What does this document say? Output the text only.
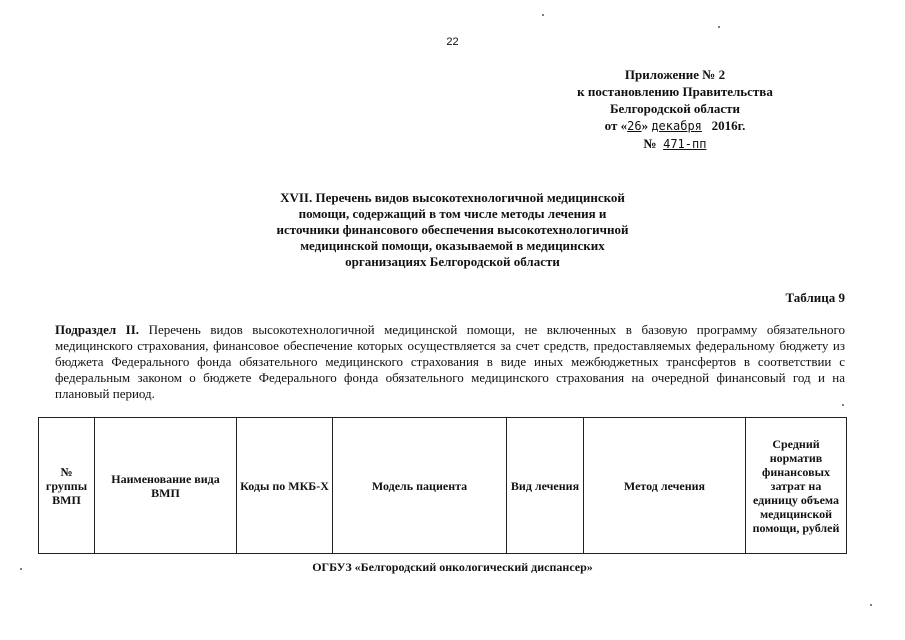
22
Приложение № 2
к постановлению Правительства
Белгородской области
от «26» декабря 2016г.
№ 471-пп
XVII. Перечень видов высокотехнологичной медицинской
помощи, содержащий в том числе методы лечения и
источники финансового обеспечения высокотехнологичной
медицинской помощи, оказываемой в медицинских
организациях Белгородской области
Таблица 9
Подраздел II. Перечень видов высокотехнологичной медицинской помощи, не включенных в базовую программу обязательного медицинского страхования, финансовое обеспечение которых осуществляется за счет средств, предоставляемых федеральному бюджету из бюджета Федерального фонда обязательного медицинского страхования в виде иных межбюджетных трансфертов в соответствии с федеральным законом о бюджете Федерального фонда обязательного медицинского страхования на очередной финансовый год и на плановый период.
№ группы ВМП	Наименование вида ВМП	Коды по МКБ-Х	Модель пациента	Вид лечения	Метод лечения	Средний норматив финансовых затрат на единицу объема медицинской помощи, рублей
ОГБУЗ «Белгородский онкологический диспансер»
